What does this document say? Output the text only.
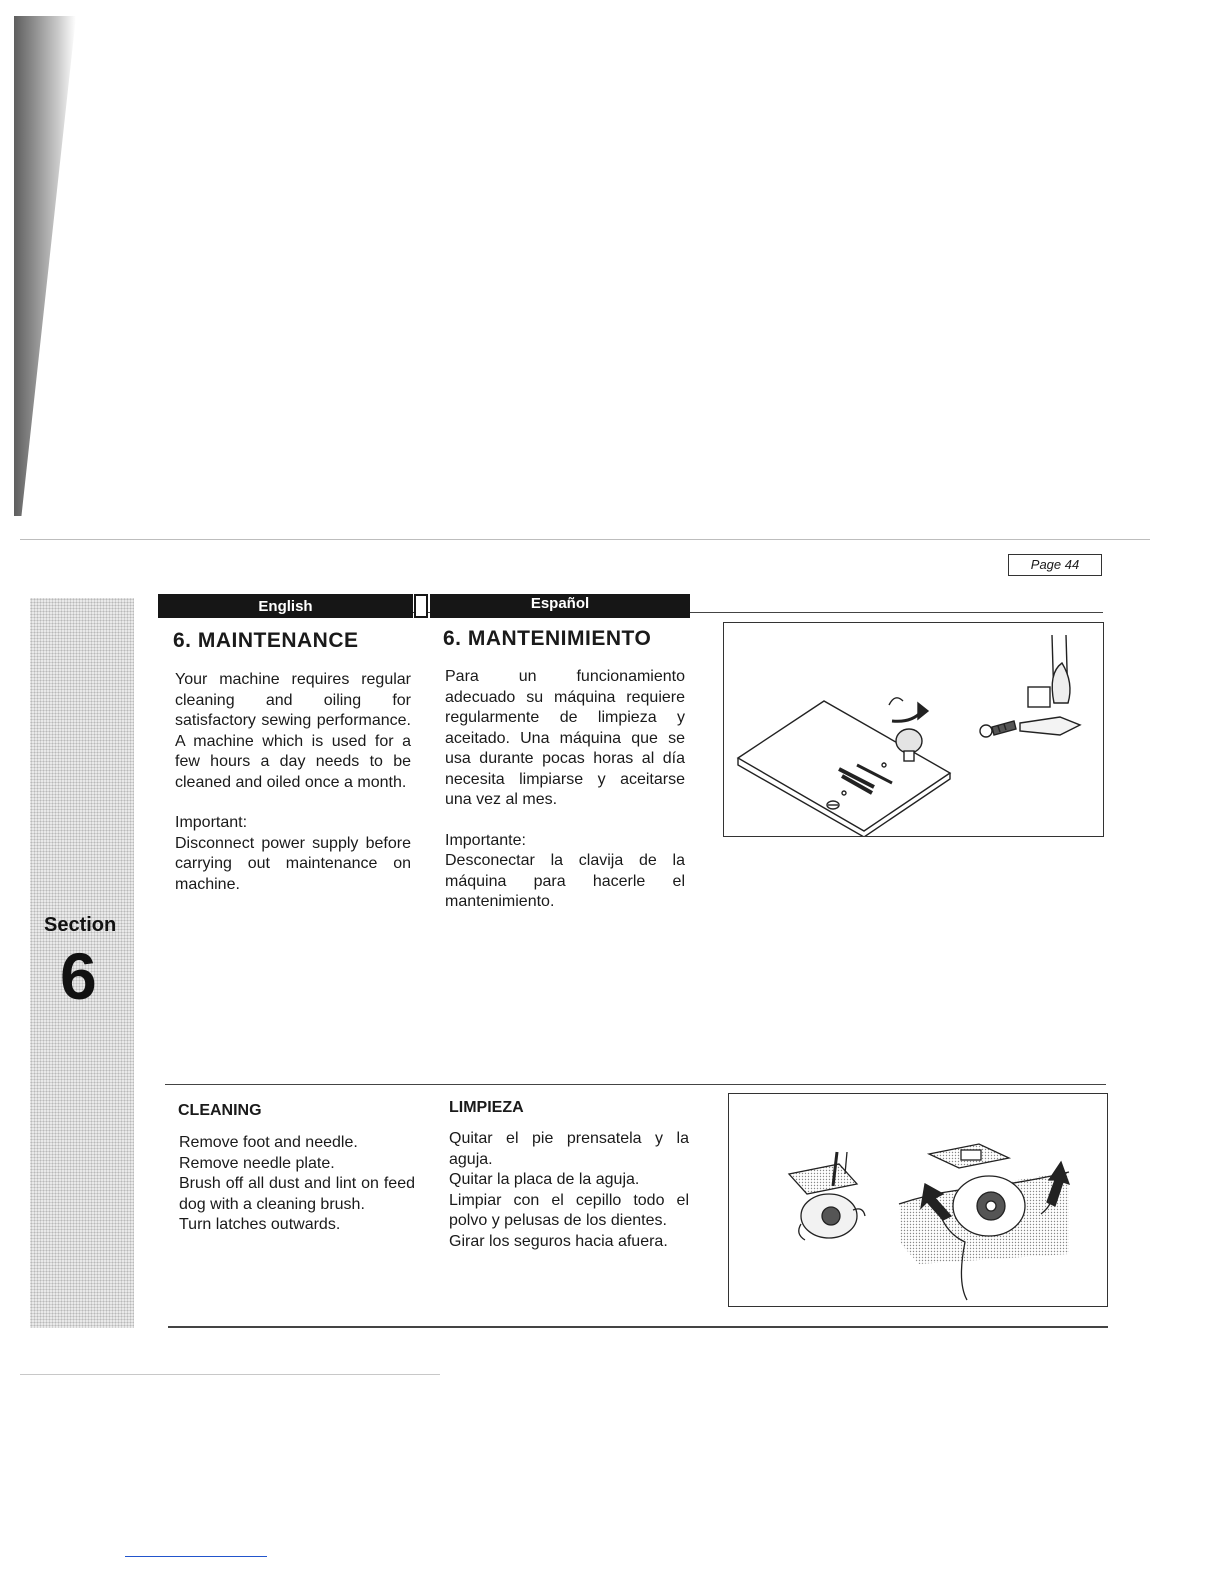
Page 44
Section
6
English	Español
6. MAINTENANCE

Your machine requires regular cleaning and oiling for satisfactory sewing performance. A machine which is used for a few hours a day needs to be cleaned and oiled once a month.

Important:

Disconnect power supply before carrying out maintenance on machine.

6. MANTENIMIENTO

Para un funcionamiento adecuado su máquina requiere regularmente de limpieza y aceitado. Una máquina que se usa durante pocas horas al día necesita limpiarse y aceitarse una vez al mes.

Importante:

Desconectar la clavija de la máquina para hacerle el mantenimiento.

CLEANING

Remove foot and needle.

Remove needle plate.

Brush off all dust and lint on feed dog with a cleaning brush.

Turn latches outwards.

LIMPIEZA

Quitar el pie prensatela y la aguja.

Quitar la placa de la aguja.

Limpiar con el cepillo todo el polvo y pelusas de los dientes.

Girar los seguros hacia afuera.
